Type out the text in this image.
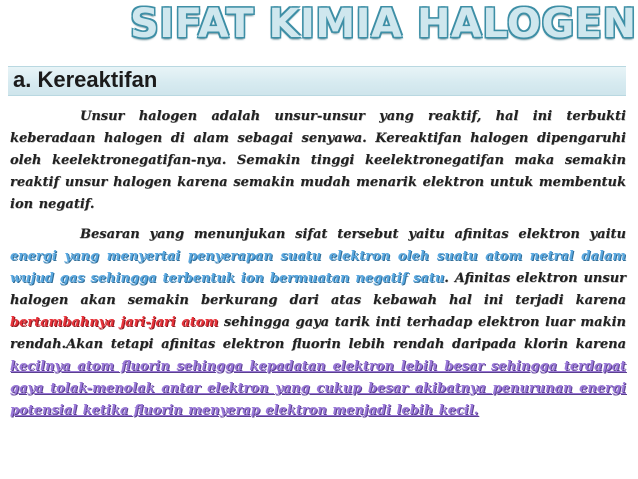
SIFAT KIMIA HALOGEN
a. Kereaktifan

Unsur halogen adalah unsur-unsur yang reaktif, hal ini terbukti keberadaan halogen di alam sebagai senyawa. Kereaktifan halogen dipengaruhi oleh keelektronegatifan-nya. Semakin tinggi keelektronegatifan maka semakin reaktif unsur halogen karena semakin mudah menarik elektron untuk membentuk ion negatif.

Besaran yang menunjukan sifat tersebut yaitu afinitas elektron yaitu energi yang menyertai penyerapan suatu elektron oleh suatu atom netral dalam wujud gas sehingga terbentuk ion bermuatan negatif satu. Afinitas elektron unsur halogen akan semakin berkurang dari atas kebawah hal ini terjadi karena bertambahnya jari-jari atom sehingga gaya tarik inti terhadap elektron luar makin rendah.Akan tetapi afinitas elektron fluorin lebih rendah daripada klorin karena kecilnya atom fluorin sehingga kepadatan elektron lebih besar sehingga terdapat gaya tolak-menolak antar elektron yang cukup besar akibatnya penurunan energi potensial ketika fluorin menyerap elektron menjadi lebih kecil.
